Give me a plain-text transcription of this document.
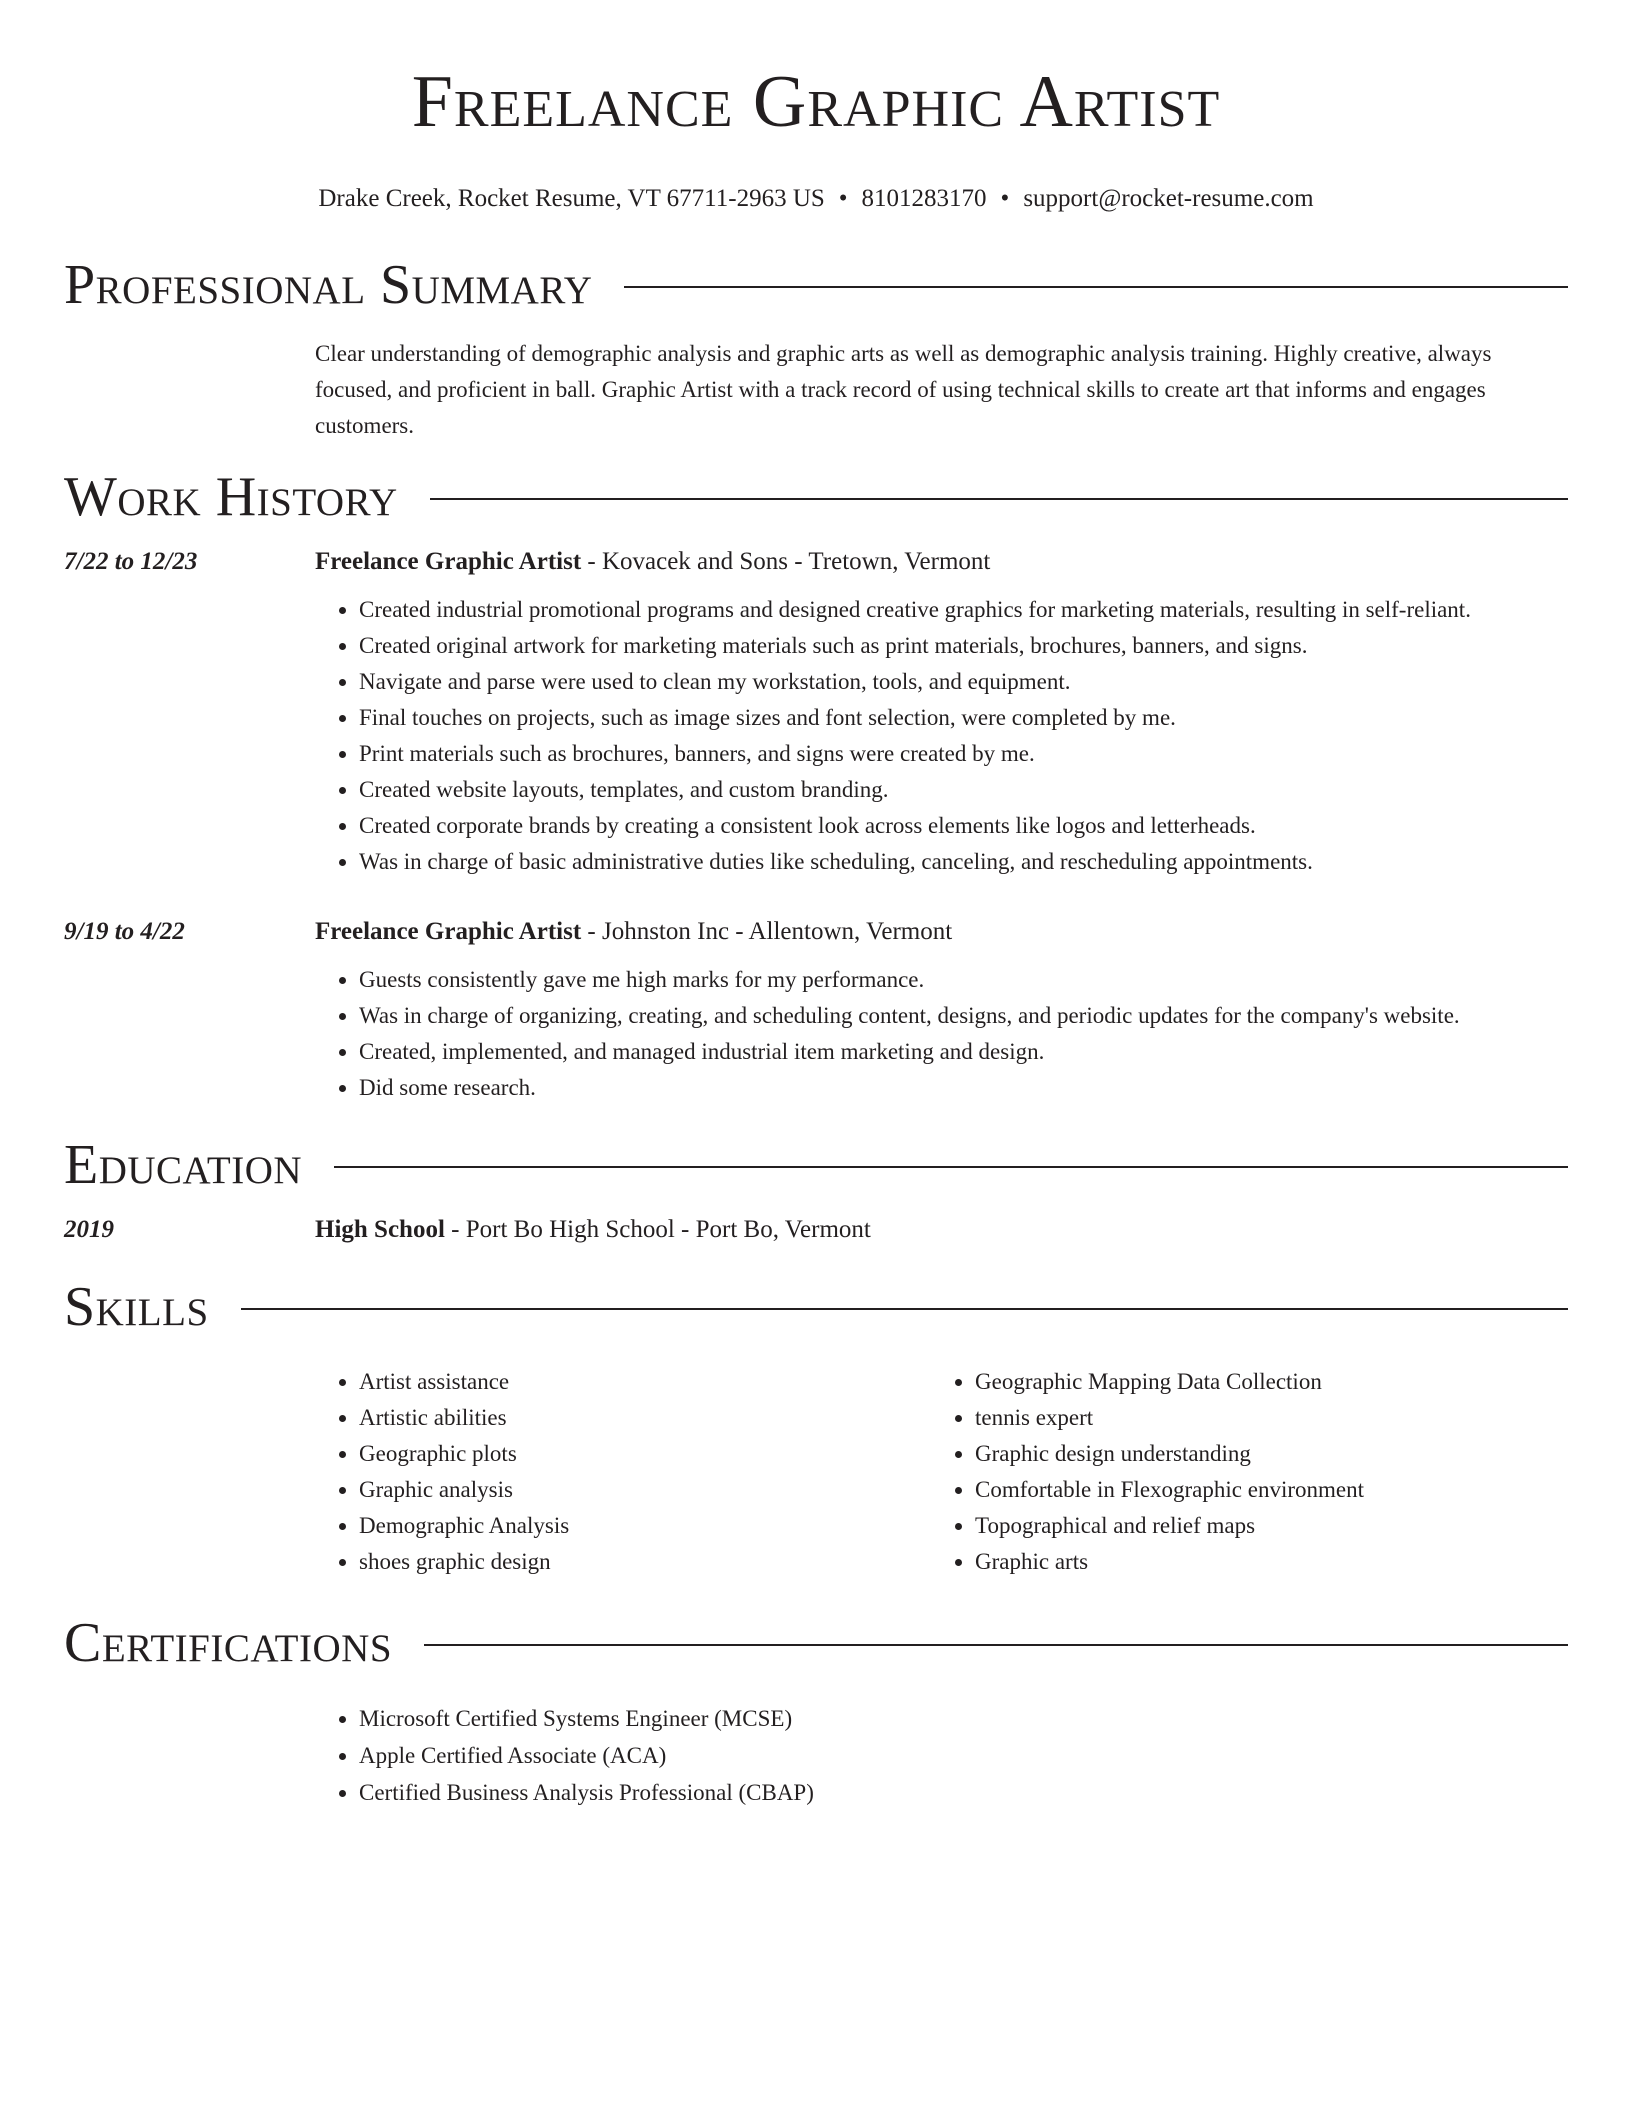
Freelance Graphic Artist
Drake Creek, Rocket Resume, VT 67711-2963 US • 8101283170 • support@rocket-resume.com
Professional Summary
Clear understanding of demographic analysis and graphic arts as well as demographic analysis training. Highly creative, always focused, and proficient in ball. Graphic Artist with a track record of using technical skills to create art that informs and engages customers.
Work History
7/22 to 12/23	Freelance Graphic Artist - Kovacek and Sons - Tretown, Vermont
• Created industrial promotional programs and designed creative graphics for marketing materials, resulting in self-reliant.
• Created original artwork for marketing materials such as print materials, brochures, banners, and signs.
• Navigate and parse were used to clean my workstation, tools, and equipment.
• Final touches on projects, such as image sizes and font selection, were completed by me.
• Print materials such as brochures, banners, and signs were created by me.
• Created website layouts, templates, and custom branding.
• Created corporate brands by creating a consistent look across elements like logos and letterheads.
• Was in charge of basic administrative duties like scheduling, canceling, and rescheduling appointments.
9/19 to 4/22	Freelance Graphic Artist - Johnston Inc - Allentown, Vermont
• Guests consistently gave me high marks for my performance.
• Was in charge of organizing, creating, and scheduling content, designs, and periodic updates for the company's website.
• Created, implemented, and managed industrial item marketing and design.
• Did some research.
Education
2019	High School - Port Bo High School - Port Bo, Vermont
Skills
• Artist assistance
• Artistic abilities
• Geographic plots
• Graphic analysis
• Demographic Analysis
• shoes graphic design
• Geographic Mapping Data Collection
• tennis expert
• Graphic design understanding
• Comfortable in Flexographic environment
• Topographical and relief maps
• Graphic arts
Certifications
• Microsoft Certified Systems Engineer (MCSE)
• Apple Certified Associate (ACA)
• Certified Business Analysis Professional (CBAP)
